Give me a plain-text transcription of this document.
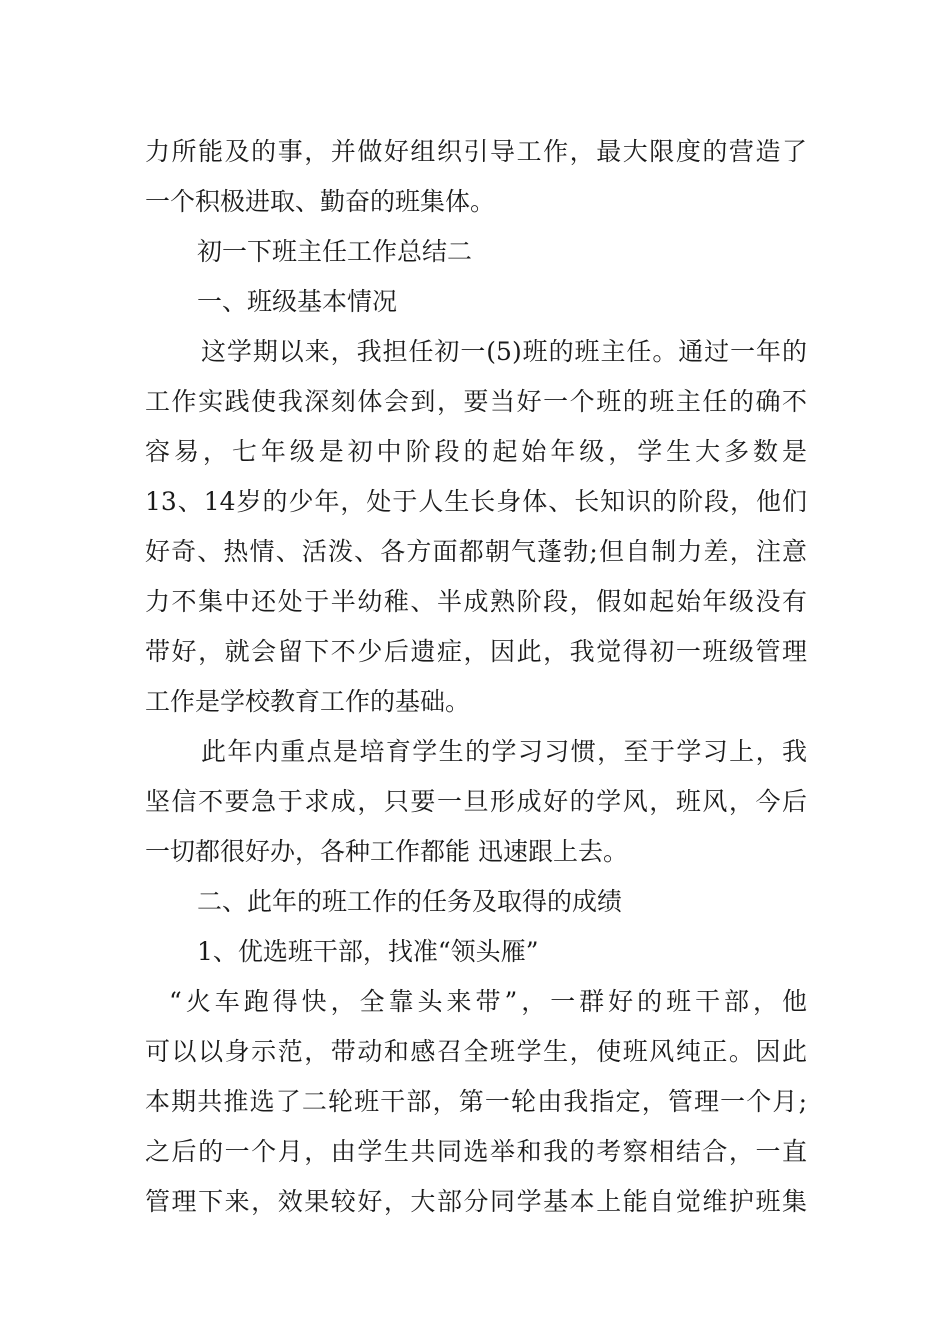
力所能及的事，并做好组织引导工作，最大限度的营造了
一个积极进取、勤奋的班集体。
初一下班主任工作总结二
一、班级基本情况
这学期以来，我担任初一(5)班的班主任。通过一年的
工作实践使我深刻体会到，要当好一个班的班主任的确不
容易，七年级是初中阶段的起始年级，学生大多数是
13、14岁的少年，处于人生长身体、长知识的阶段，他们
好奇、热情、活泼、各方面都朝气蓬勃;但自制力差，注意
力不集中还处于半幼稚、半成熟阶段，假如起始年级没有
带好，就会留下不少后遗症，因此，我觉得初一班级管理
工作是学校教育工作的基础。
此年内重点是培育学生的学习习惯，至于学习上，我
坚信不要急于求成，只要一旦形成好的学风，班风，今后
一切都很好办，各种工作都能 迅速跟上去。
二、此年的班工作的任务及取得的成绩
1、优选班干部，找准“领头雁”
“火车跑得快，全靠头来带”，一群好的班干部，他
可以以身示范，带动和感召全班学生，使班风纯正。因此
本期共推选了二轮班干部，第一轮由我指定，管理一个月;
之后的一个月，由学生共同选举和我的考察相结合，一直
管理下来，效果较好，大部分同学基本上能自觉维护班集
